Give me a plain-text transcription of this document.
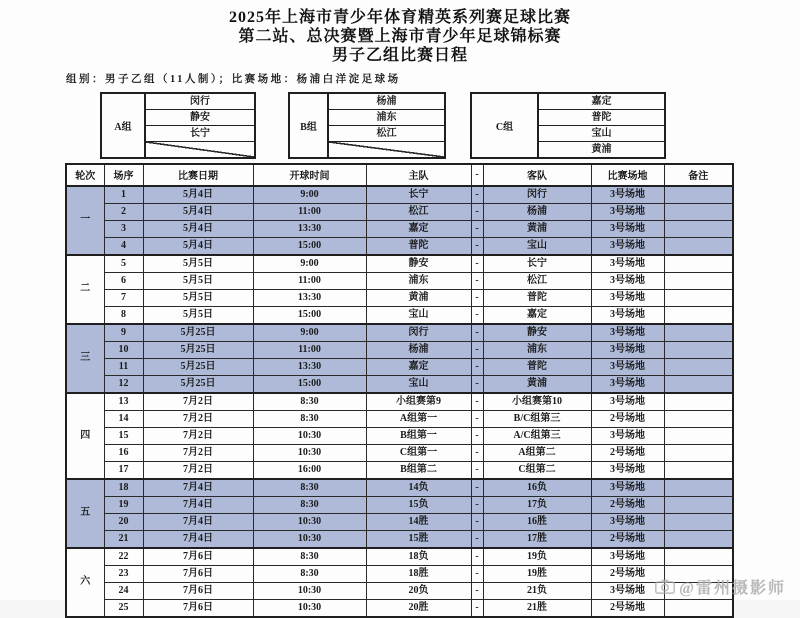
2025年上海市青少年体育精英系列赛足球比赛
第二站、总决赛暨上海市青少年足球锦标赛
男子乙组比赛日程
组别：男子乙组（11人制）；比赛场地：杨浦白洋淀足球场
A组
闵行
静安
长宁
B组
杨浦
浦东
松江
C组
嘉定
普陀
宝山
黄浦
轮次	场序	比赛日期	开球时间	主队	-	客队	比赛场地	备注
一	1	5月4日	9:00	长宁	-	闵行	3号场地	
	2	5月4日	11:00	松江	-	杨浦	3号场地	
	3	5月4日	13:30	嘉定	-	黄浦	3号场地	
	4	5月4日	15:00	普陀	-	宝山	3号场地	
二	5	5月5日	9:00	静安	-	长宁	3号场地	
	6	5月5日	11:00	浦东	-	松江	3号场地	
	7	5月5日	13:30	黄浦	-	普陀	3号场地	
	8	5月5日	15:00	宝山	-	嘉定	3号场地	
三	9	5月25日	9:00	闵行	-	静安	3号场地	
	10	5月25日	11:00	杨浦	-	浦东	3号场地	
	11	5月25日	13:30	嘉定	-	普陀	3号场地	
	12	5月25日	15:00	宝山	-	黄浦	3号场地	
四	13	7月2日	8:30	小组赛第9	-	小组赛第10	3号场地	
	14	7月2日	8:30	A组第一	-	B/C组第三	2号场地	
	15	7月2日	10:30	B组第一	-	A/C组第三	3号场地	
	16	7月2日	10:30	C组第一	-	A组第二	2号场地	
	17	7月2日	16:00	B组第二	-	C组第二	3号场地	
五	18	7月4日	8:30	14负	-	16负	3号场地	
	19	7月4日	8:30	15负	-	17负	2号场地	
	20	7月4日	10:30	14胜	-	16胜	3号场地	
	21	7月4日	10:30	15胜	-	17胜	2号场地	
六	22	7月6日	8:30	18负	-	19负	3号场地	
	23	7月6日	8:30	18胜	-	19胜	2号场地	
	24	7月6日	10:30	20负	-	21负	3号场地	
	25	7月6日	10:30	20胜	-	21胜	2号场地	
@雷州摄影师
